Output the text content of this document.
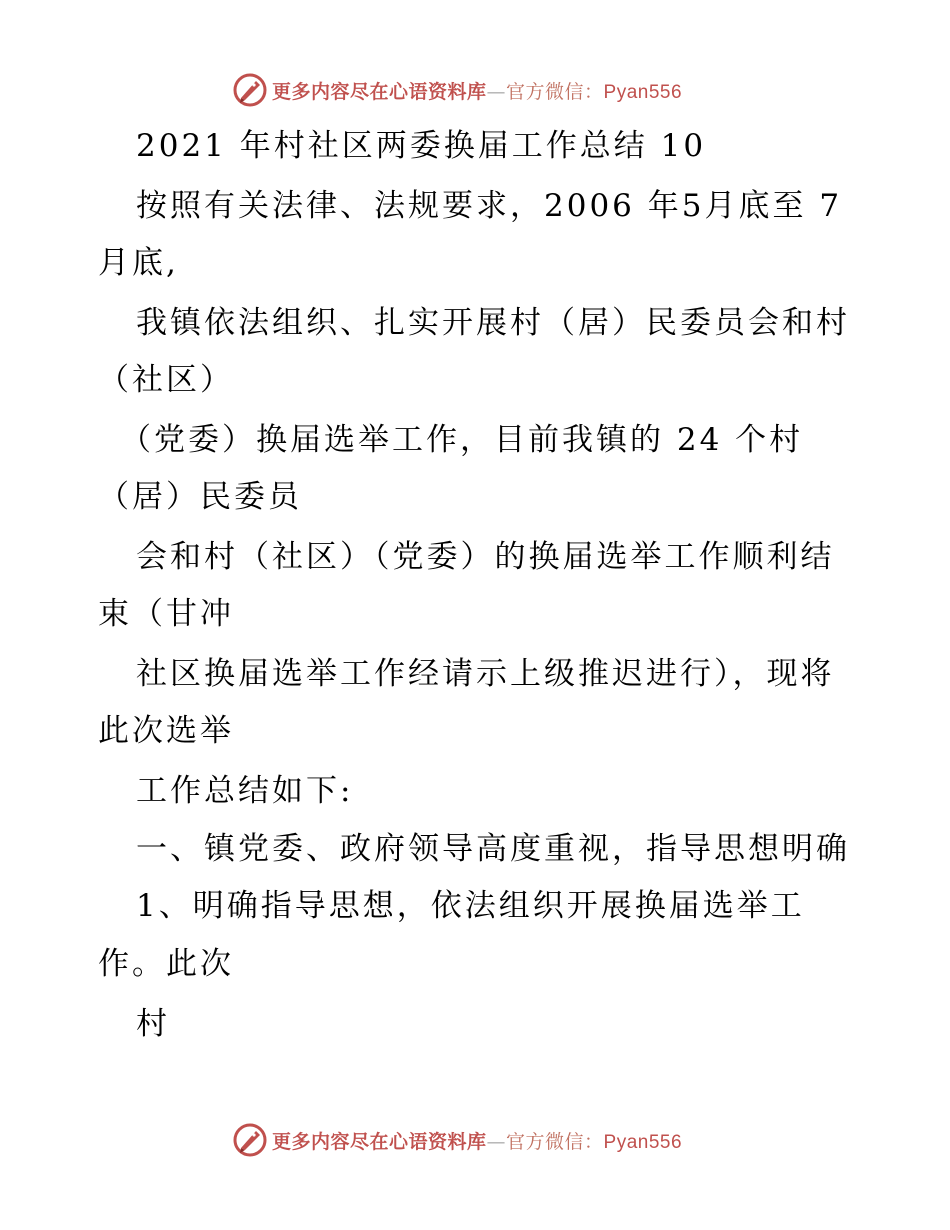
更多内容尽在心语资料库—官方微信：Pyan556
2021 年村社区两委换届工作总结 10
按照有关法律、法规要求，2006 年5月底至 7
月底,
我镇依法组织、扎实开展村（居）民委员会和村
（社区）
（党委）换届选举工作，目前我镇的 24 个村
（居）民委员
会和村（社区）（党委）的换届选举工作顺利结
束（甘冲
社区换届选举工作经请示上级推迟进行），现将
此次选举
工作总结如下:
一、镇党委、政府领导高度重视，指导思想明确
1、明确指导思想，依法组织开展换届选举工
作。此次
村
更多内容尽在心语资料库—官方微信：Pyan556
